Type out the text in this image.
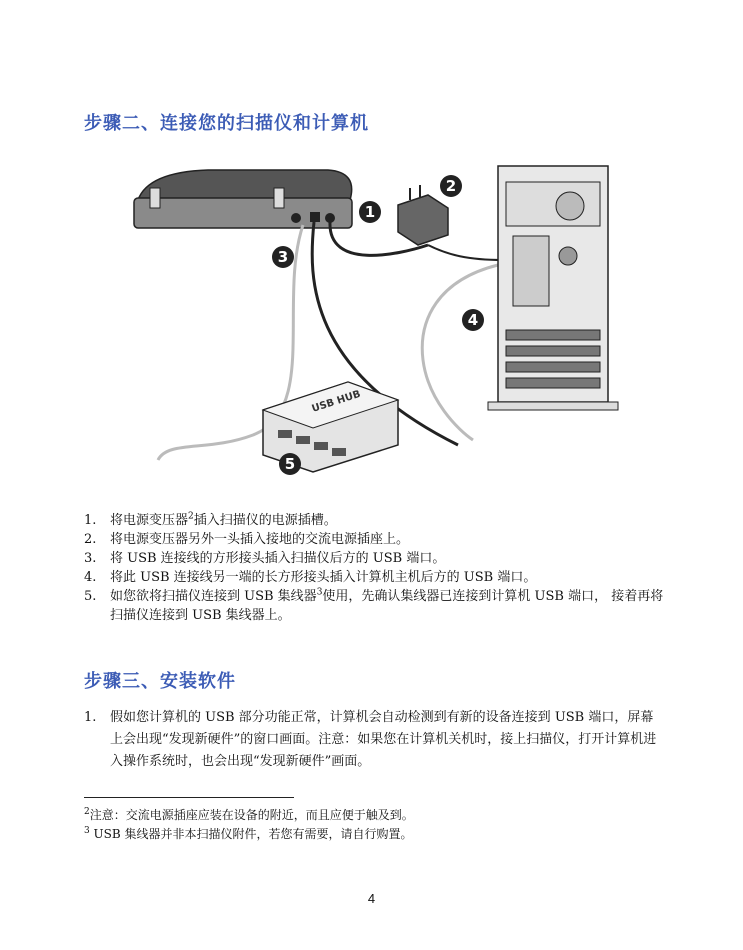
步骤二、连接您的扫描仪和计算机
USB HUB
1
2
3
4
5
1. 将电源变压器$^2$插入扫描仪的电源插槽。
2. 将电源变压器另外一头插入接地的交流电源插座上。
3. 将 USB 连接线的方形接头插入扫描仪后方的 USB 端口。
4. 将此 USB 连接线另一端的长方形接头插入计算机主机后方的 USB 端口。
5. 如您欲将扫描仪连接到 USB 集线器$^3$使用，先确认集线器已连接到计算机 USB 端口， 接着再将扫描仪连接到 USB 集线器上。
步骤三、安装软件
1. 假如您计算机的 USB 部分功能正常，计算机会自动检测到有新的设备连接到 USB 端口，屏幕上会出现“发现新硬件”的窗口画面。注意：如果您在计算机关机时，接上扫描仪，打开计算机进入操作系统时，也会出现“发现新硬件”画面。
$^2$注意：交流电源插座应装在设备的附近，而且应便于触及到。
$^3$ USB 集线器并非本扫描仪附件，若您有需要，请自行购置。
4
